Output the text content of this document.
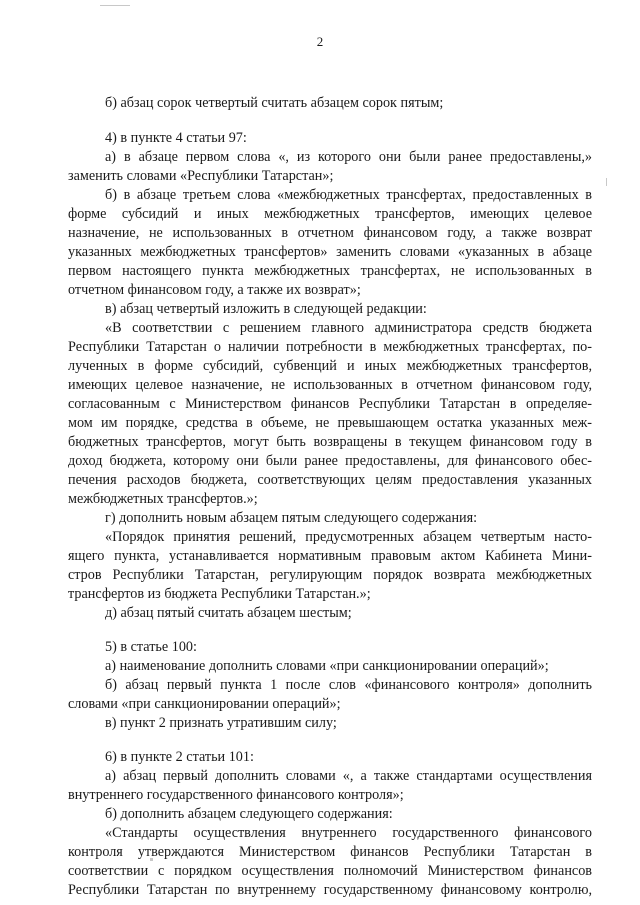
2
б) абзац сорок четвертый считать абзацем сорок пятым;
4) в пункте 4 статьи 97:
а) в абзаце первом слова «, из которого они были ранее предоставлены,»
заменить словами «Республики Татарстан»;
б) в абзаце третьем слова «межбюджетных трансфертах, предоставленных в
форме субсидий и иных межбюджетных трансфертов, имеющих целевое
назначение, не использованных в отчетном финансовом году, а также возврат
указанных межбюджетных трансфертов» заменить словами «указанных в абзаце
первом настоящего пункта межбюджетных трансфертах, не использованных в
отчетном финансовом году, а также их возврат»;
в) абзац четвертый изложить в следующей редакции:
«В соответствии с решением главного администратора средств бюджета
Республики Татарстан о наличии потребности в межбюджетных трансфертах, по-
лученных в форме субсидий, субвенций и иных межбюджетных трансфертов,
имеющих целевое назначение, не использованных в отчетном финансовом году,
согласованным с Министерством финансов Республики Татарстан в определяе-
мом им порядке, средства в объеме, не превышающем остатка указанных меж-
бюджетных трансфертов, могут быть возвращены в текущем финансовом году в
доход бюджета, которому они были ранее предоставлены, для финансового обес-
печения расходов бюджета, соответствующих целям предоставления указанных
межбюджетных трансфертов.»;
г) дополнить новым абзацем пятым следующего содержания:
«Порядок принятия решений, предусмотренных абзацем четвертым насто-
ящего пункта, устанавливается нормативным правовым актом Кабинета Мини-
стров Республики Татарстан, регулирующим порядок возврата межбюджетных
трансфертов из бюджета Республики Татарстан.»;
д) абзац пятый считать абзацем шестым;
5) в статье 100:
а) наименование дополнить словами «при санкционировании операций»;
б) абзац первый пункта 1 после слов «финансового контроля» дополнить
словами «при санкционировании операций»;
в) пункт 2 признать утратившим силу;
6) в пункте 2 статьи 101:
а) абзац первый дополнить словами «, а также стандартами осуществления
внутреннего государственного финансового контроля»;
б) дополнить абзацем следующего содержания:
«Стандарты осуществления внутреннего государственного финансового
контроля утверждаются Министерством финансов Республики Татарстан в
соответствии с порядком осуществления полномочий Министерством финансов
Республики Татарстан по внутреннему государственному финансовому контролю,
